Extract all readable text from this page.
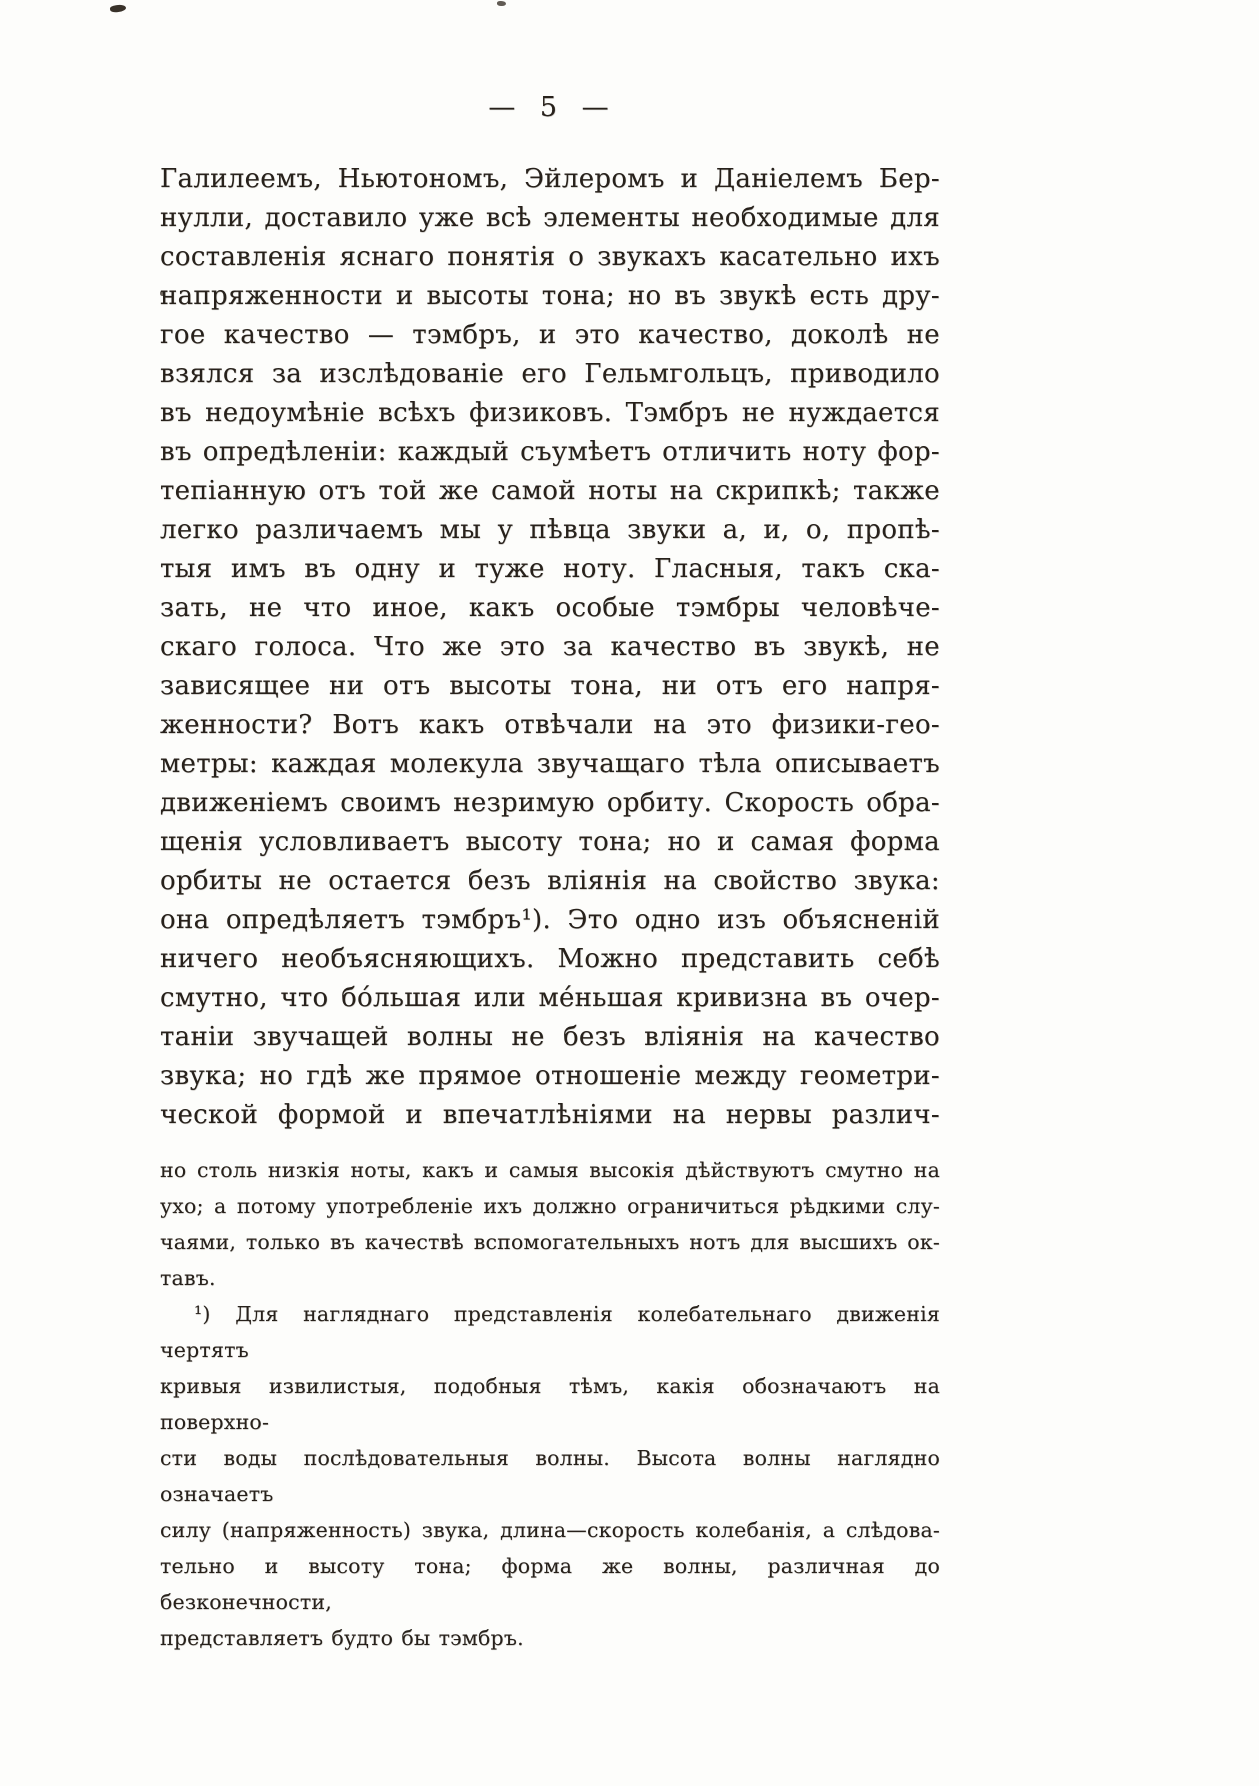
— 5 —
Галилеемъ, Ньютономъ, Эйлеромъ и Даніелемъ Бер-
нулли, доставило уже всѣ элементы необходимые для
составленія яснаго понятія о звукахъ касательно ихъ
напряженности и высоты тона; но въ звукѣ есть дру-
гое качество — тэмбръ, и это качество, доколѣ не
взялся за изслѣдованіе его Гельмгольцъ, приводило
въ недоумѣніе всѣхъ физиковъ. Тэмбръ не нуждается
въ опредѣленіи: каждый съумѣетъ отличить ноту фор-
тепіанную отъ той же самой ноты на скрипкѣ; также
легко различаемъ мы у пѣвца звуки а, и, о, пропѣ-
тыя имъ въ одну и туже ноту. Гласныя, такъ ска-
зать, не что иное, какъ особые тэмбры человѣче-
скаго голоса. Что же это за качество въ звукѣ, не
зависящее ни отъ высоты тона, ни отъ его напря-
женности? Вотъ какъ отвѣчали на это физики-гео-
метры: каждая молекула звучащаго тѣла описываетъ
движеніемъ своимъ незримую орбиту. Скорость обра-
щенія условливаетъ высоту тона; но и самая форма
орбиты не остается безъ вліянія на свойство звука:
она опредѣляетъ тэмбръ¹). Это одно изъ объясненій
ничего необъясняющихъ. Можно представить себѣ
смутно, что бо́льшая или ме́ньшая кривизна въ очер-
таніи звучащей волны не безъ вліянія на качество
звука; но гдѣ же прямое отношеніе между геометри-
ческой формой и впечатлѣніями на нервы различ-
но столь низкія ноты, какъ и самыя высокія дѣйствуютъ смутно на
ухо; а потому употребленіе ихъ должно ограничиться рѣдкими слу-
чаями, только въ качествѣ вспомогательныхъ нотъ для высшихъ ок-
тавъ.
¹) Для нагляднаго представленія колебательнаго движенія чертятъ
кривыя извилистыя, подобныя тѣмъ, какія обозначаютъ на поверхно-
сти воды послѣдовательныя волны. Высота волны наглядно означаетъ
силу (напряженность) звука, длина—скорость колебанія, а слѣдова-
тельно и высоту тона; форма же волны, различная до безконечности,
представляетъ будто бы тэмбръ.
